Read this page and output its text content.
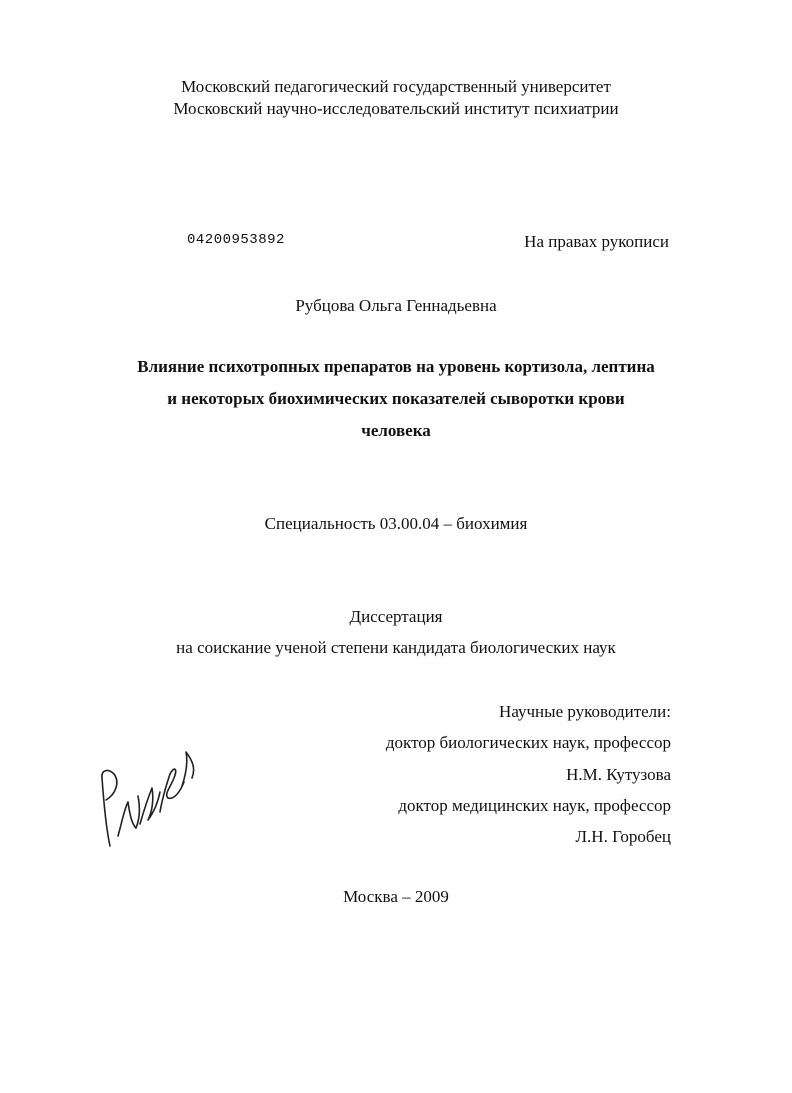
Московский педагогический государственный университет
Московский научно-исследовательский институт психиатрии
04200953892	На правах рукописи
Рубцова Ольга Геннадьевна
Влияние психотропных препаратов на уровень кортизола, лептина
и некоторых биохимических показателей сыворотки крови
человека
Специальность 03.00.04 – биохимия
Диссертация
на соискание ученой степени кандидата биологических наук
Научные руководители:
доктор биологических наук, профессор
Н.М. Кутузова
доктор медицинских наук, профессор
Л.Н. Горобец
Москва – 2009
